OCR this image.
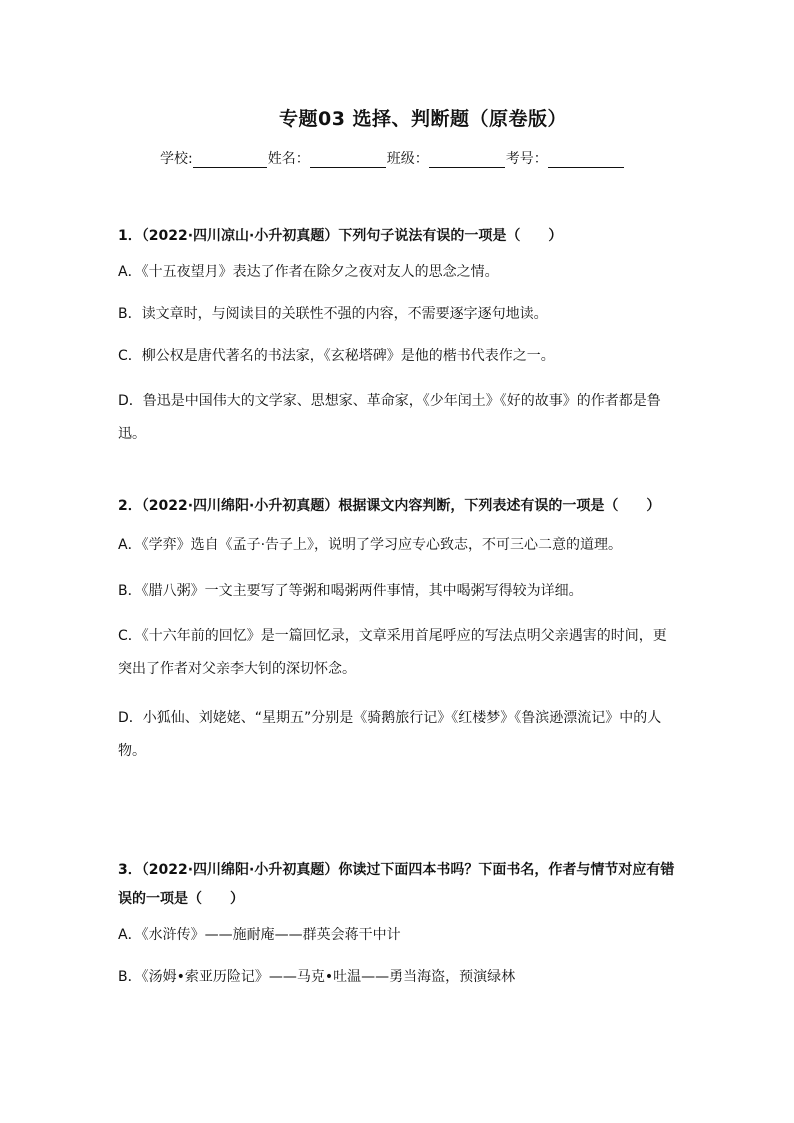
专题03 选择、判断题（原卷版）
学校:	姓名：	班级：	考号：
1．（2022·四川凉山·小升初真题）下列句子说法有误的一项是（　　）
A．《十五夜望月》表达了作者在除夕之夜对友人的思念之情。
B．读文章时，与阅读目的关联性不强的内容，不需要逐字逐句地读。
C．柳公权是唐代著名的书法家，《玄秘塔碑》是他的楷书代表作之一。
D．鲁迅是中国伟大的文学家、思想家、革命家，《少年闰土》《好的故事》的作者都是鲁迅。
2．（2022·四川绵阳·小升初真题）根据课文内容判断，下列表述有误的一项是（　　）
A．《学弈》选自《孟子·告子上》，说明了学习应专心致志，不可三心二意的道理。
B．《腊八粥》一文主要写了等粥和喝粥两件事情，其中喝粥写得较为详细。
C．《十六年前的回忆》是一篇回忆录，文章采用首尾呼应的写法点明父亲遇害的时间，更突出了作者对父亲李大钊的深切怀念。
D．小狐仙、刘姥姥、“星期五”分别是《骑鹅旅行记》《红楼梦》《鲁滨逊漂流记》中的人物。
3．（2022·四川绵阳·小升初真题）你读过下面四本书吗？下面书名，作者与情节对应有错误的一项是（　　）
A．《水浒传》——施耐庵——群英会蒋干中计
B．《汤姆•索亚历险记》——马克•吐温——勇当海盗，预演绿林
